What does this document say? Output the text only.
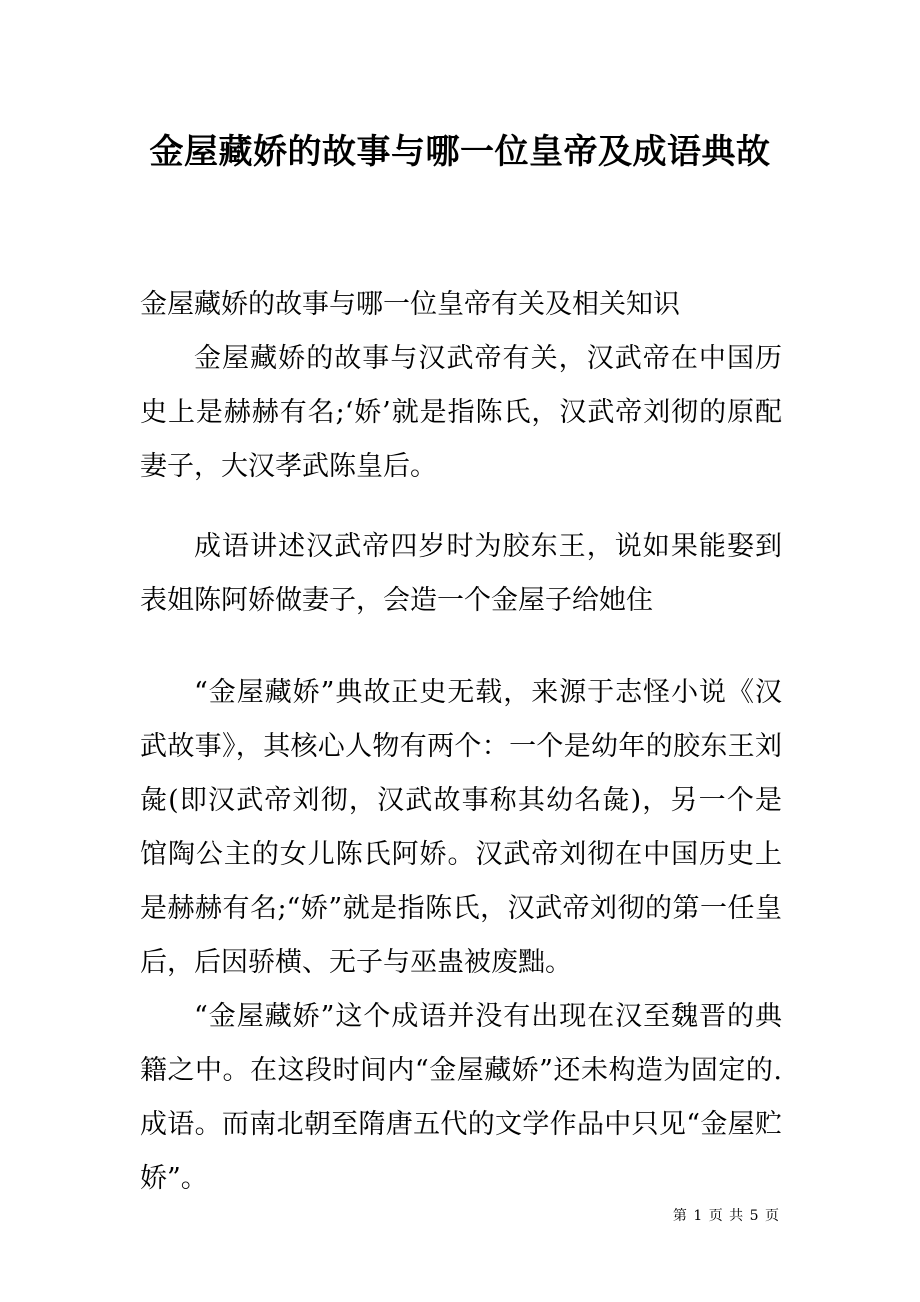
金屋藏娇的故事与哪一位皇帝及成语典故

金屋藏娇的故事与哪一位皇帝有关及相关知识

金屋藏娇的故事与汉武帝有关，汉武帝在中国历史上是赫赫有名;‘娇’就是指陈氏，汉武帝刘彻的原配妻子，大汉孝武陈皇后。

成语讲述汉武帝四岁时为胶东王，说如果能娶到表姐陈阿娇做妻子，会造一个金屋子给她住

“金屋藏娇”典故正史无载，来源于志怪小说《汉武故事》，其核心人物有两个：一个是幼年的胶东王刘彘(即汉武帝刘彻，汉武故事称其幼名彘)，另一个是馆陶公主的女儿陈氏阿娇。汉武帝刘彻在中国历史上是赫赫有名;“娇”就是指陈氏，汉武帝刘彻的第一任皇后，后因骄横、无子与巫蛊被废黜。

“金屋藏娇”这个成语并没有出现在汉至魏晋的典籍之中。在这段时间内“金屋藏娇”还未构造为固定的.成语。而南北朝至隋唐五代的文学作品中只见“金屋贮娇”。

第 1 页 共 5 页
